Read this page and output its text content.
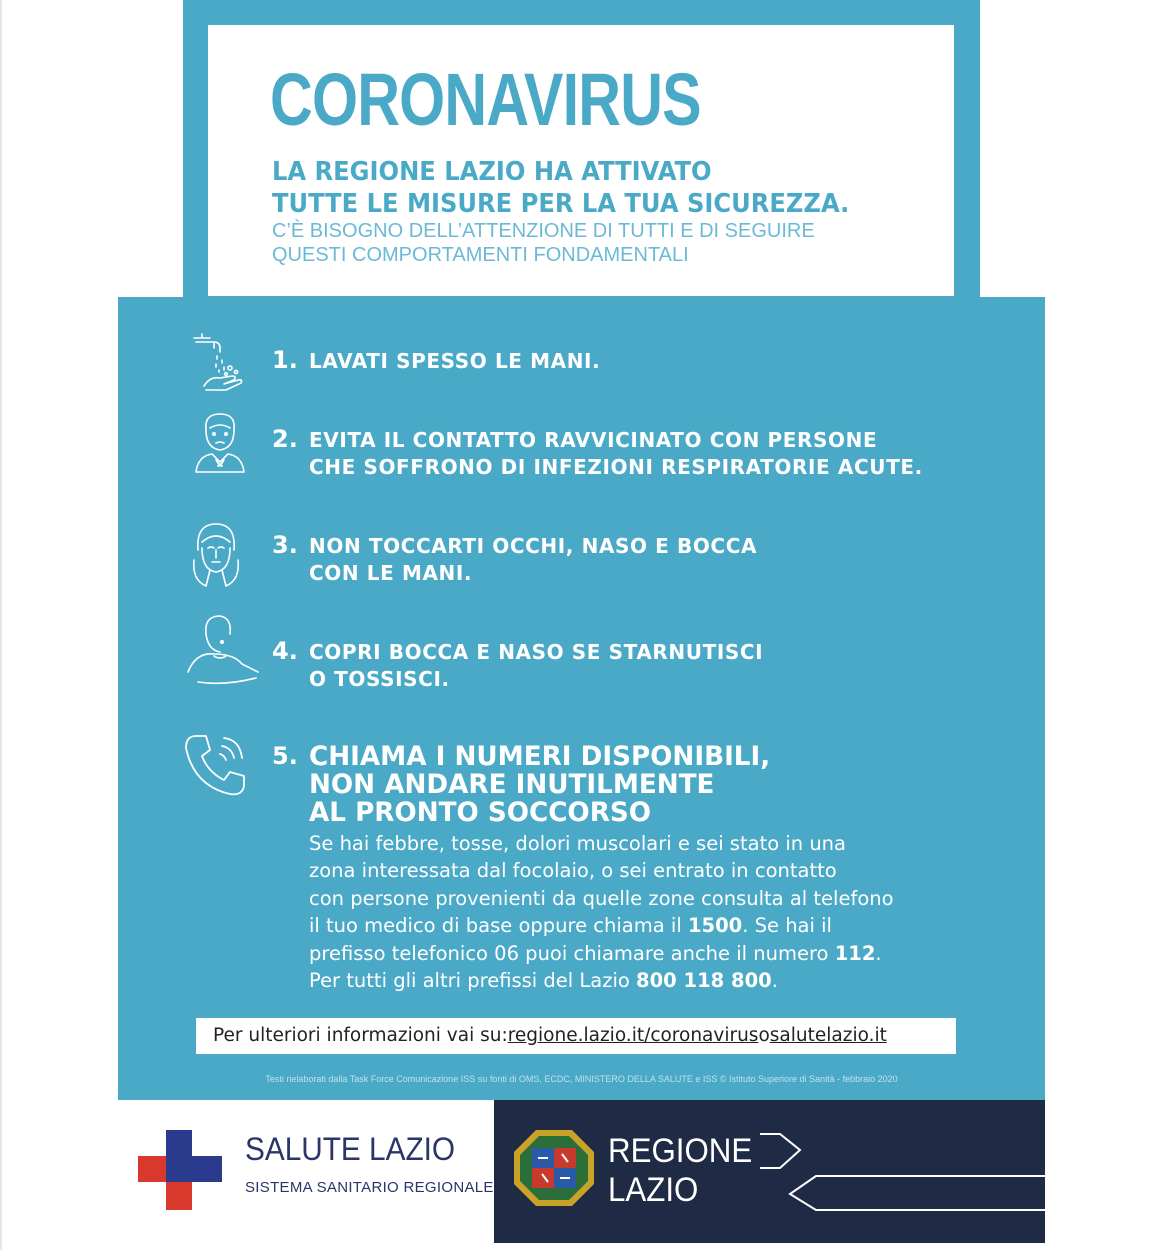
CORONAVIRUS
LA REGIONE LAZIO HA ATTIVATO
TUTTE LE MISURE PER LA TUA SICUREZZA.
C’È BISOGNO DELL’ATTENZIONE DI TUTTI E DI SEGUIRE
QUESTI COMPORTAMENTI FONDAMENTALI
1. LAVATI SPESSO LE MANI.
2. EVITA IL CONTATTO RAVVICINATO CON PERSONE
CHE SOFFRONO DI INFEZIONI RESPIRATORIE ACUTE.
3. NON TOCCARTI OCCHI, NASO E BOCCA
CON LE MANI.
4. COPRI BOCCA E NASO SE STARNUTISCI
O TOSSISCI.
5. CHIAMA I NUMERI DISPONIBILI,
NON ANDARE INUTILMENTE
AL PRONTO SOCCORSO
Se hai febbre, tosse, dolori muscolari e sei stato in una
zona interessata dal focolaio, o sei entrato in contatto
con persone provenienti da quelle zone consulta al telefono
il tuo medico di base oppure chiama il 1500. Se hai il
prefisso telefonico 06 puoi chiamare anche il numero 112.
Per tutti gli altri prefissi del Lazio 800 118 800.
Per ulteriori informazioni vai su:regione.lazio.it/coronavirusosalutelazio.it
Testi rielaborati dalla Task Force Comunicazione ISS su fonti di OMS, ECDC, MINISTERO DELLA SALUTE e ISS © Istituto Superiore di Sanità - febbraio 2020
SALUTE LAZIO
SISTEMA SANITARIO REGIONALE
REGIONE
LAZIO
